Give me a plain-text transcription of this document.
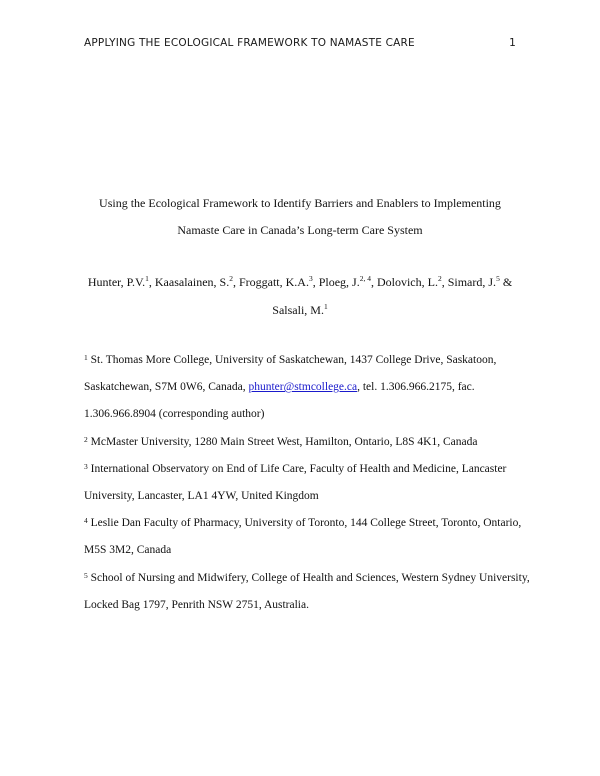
APPLYING THE ECOLOGICAL FRAMEWORK TO NAMASTE CARE	1
Using the Ecological Framework to Identify Barriers and Enablers to Implementing
Namaste Care in Canada’s Long-term Care System
Hunter, P.V.$^1$, Kaasalainen, S.$^2$, Froggatt, K.A.$^3$, Ploeg, J.$^{2, 4}$, Dolovich, L.$^2$, Simard, J.$^5$ &
Salsali, M.$^1$

$^1$ St. Thomas More College, University of Saskatchewan, 1437 College Drive, Saskatoon, Saskatchewan, S7M 0W6, Canada, phunter@stmcollege.ca, tel. 1.306.966.2175, fac. 1.306.966.8904 (corresponding author)

$^2$ McMaster University, 1280 Main Street West, Hamilton, Ontario, L8S 4K1, Canada

$^3$ International Observatory on End of Life Care, Faculty of Health and Medicine, Lancaster University, Lancaster, LA1 4YW, United Kingdom

$^4$ Leslie Dan Faculty of Pharmacy, University of Toronto, 144 College Street, Toronto, Ontario, M5S 3M2, Canada

$^5$ School of Nursing and Midwifery, College of Health and Sciences, Western Sydney University, Locked Bag 1797, Penrith NSW 2751, Australia.
